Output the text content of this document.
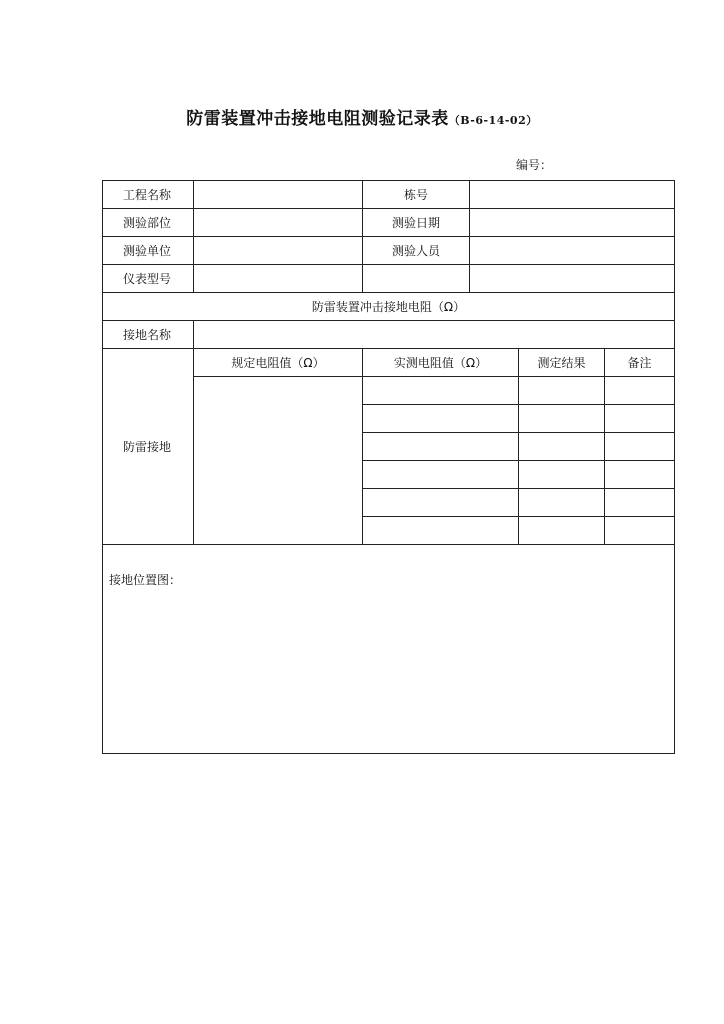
防雷装置冲击接地电阻测验记录表（B-6-14-02）
编号：
工程名称		栋号			
测验部位		测验日期			
测验单位		测验人员			
仪表型号					
防雷装置冲击接地电阻（Ω）					
接地名称					
防雷接地	规定电阻值（Ω）	实测电阻值（Ω）		测定结果	备注

接地位置图：					
